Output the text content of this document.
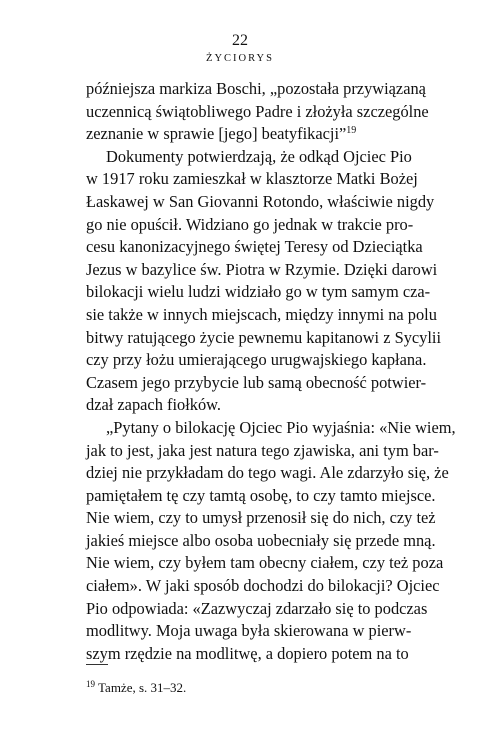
22
ŻYCIORYS
późniejsza markiza Boschi, „pozostała przywiązaną
uczennicą świątobliwego Padre i złożyła szczególne
zeznanie w sprawie [jego] beatyfikacji”$^{19}$
Dokumenty potwierdzają, że odkąd Ojciec Pio
w 1917 roku zamieszkał w klasztorze Matki Bożej
Łaskawej w San Giovanni Rotondo, właściwie nigdy
go nie opuścił. Widziano go jednak w trakcie pro-
cesu kanonizacyjnego świętej Teresy od Dzieciątka
Jezus w bazylice św. Piotra w Rzymie. Dzięki darowi
bilokacji wielu ludzi widziało go w tym samym cza-
sie także w innych miejscach, między innymi na polu
bitwy ratującego życie pewnemu kapitanowi z Sycylii
czy przy łożu umierającego urugwajskiego kapłana.
Czasem jego przybycie lub samą obecność potwier-
dzał zapach fiołków.
„Pytany o bilokację Ojciec Pio wyjaśnia: «Nie wiem,
jak to jest, jaka jest natura tego zjawiska, ani tym bar-
dziej nie przykładam do tego wagi. Ale zdarzyło się, że
pamiętałem tę czy tamtą osobę, to czy tamto miejsce.
Nie wiem, czy to umysł przenosił się do nich, czy też
jakieś miejsce albo osoba uobecniały się przede mną.
Nie wiem, czy byłem tam obecny ciałem, czy też poza
ciałem». W jaki sposób dochodzi do bilokacji? Ojciec
Pio odpowiada: «Zazwyczaj zdarzało się to podczas
modlitwy. Moja uwaga była skierowana w pierw-
szym rzędzie na modlitwę, a dopiero potem na to
$^{19}$ Tamże, s. 31–32.
